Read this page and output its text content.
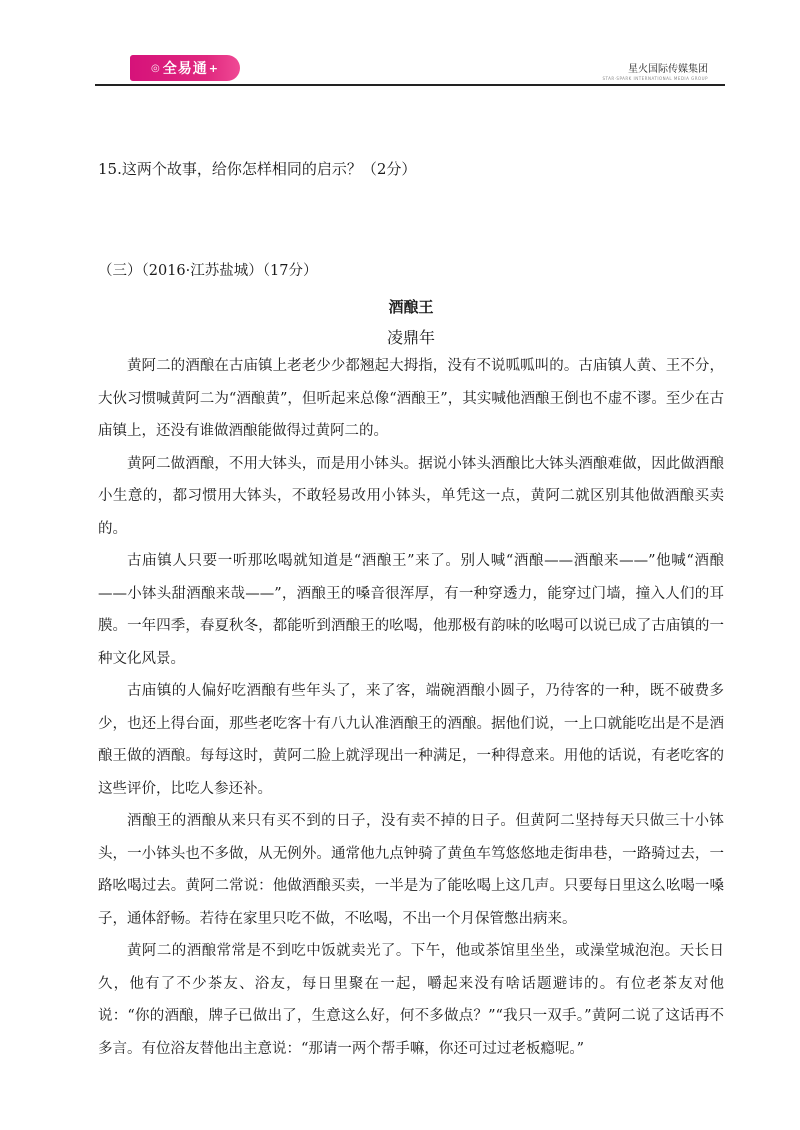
◎ 全易通 +	星火国际传媒集团
STAR·SPARK INTERNATIONAL MEDIA GROUP

15.这两个故事，给你怎样相同的启示？（2分）

（三）（2016·江苏盐城）（17分）

酒酿王
凌鼎年

黄阿二的酒酿在古庙镇上老老少少都翘起大拇指，没有不说呱呱叫的。古庙镇人黄、王不分，大伙习惯喊黄阿二为“酒酿黄”，但听起来总像“酒酿王”，其实喊他酒酿王倒也不虚不谬。至少在古庙镇上，还没有谁做酒酿能做得过黄阿二的。

黄阿二做酒酿，不用大钵头，而是用小钵头。据说小钵头酒酿比大钵头酒酿难做，因此做酒酿小生意的，都习惯用大钵头，不敢轻易改用小钵头，单凭这一点，黄阿二就区别其他做酒酿买卖的。

古庙镇人只要一听那吆喝就知道是“酒酿王”来了。别人喊“酒酿——酒酿来——”他喊“酒酿——小钵头甜酒酿来哉——”，酒酿王的嗓音很浑厚，有一种穿透力，能穿过门墙，撞入人们的耳膜。一年四季，春夏秋冬，都能听到酒酿王的吆喝，他那极有韵味的吆喝可以说已成了古庙镇的一种文化风景。

古庙镇的人偏好吃酒酿有些年头了，来了客，端碗酒酿小圆子，乃待客的一种，既不破费多少，也还上得台面，那些老吃客十有八九认准酒酿王的酒酿。据他们说，一上口就能吃出是不是酒酿王做的酒酿。每每这时，黄阿二脸上就浮现出一种满足，一种得意来。用他的话说，有老吃客的这些评价，比吃人参还补。

酒酿王的酒酿从来只有买不到的日子，没有卖不掉的日子。但黄阿二坚持每天只做三十小钵头，一小钵头也不多做，从无例外。通常他九点钟骑了黄鱼车笃悠悠地走街串巷，一路骑过去，一路吆喝过去。黄阿二常说：他做酒酿买卖，一半是为了能吆喝上这几声。只要每日里这么吆喝一嗓子，通体舒畅。若待在家里只吃不做，不吆喝，不出一个月保管憋出病来。

黄阿二的酒酿常常是不到吃中饭就卖光了。下午，他或茶馆里坐坐，或澡堂城泡泡。天长日久，他有了不少茶友、浴友，每日里聚在一起，嚼起来没有啥话题避讳的。有位老茶友对他说：“你的酒酿，牌子已做出了，生意这么好，何不多做点？”“我只一双手。”黄阿二说了这话再不多言。有位浴友替他出主意说：“那请一两个帮手嘛，你还可过过老板瘾呢。”
